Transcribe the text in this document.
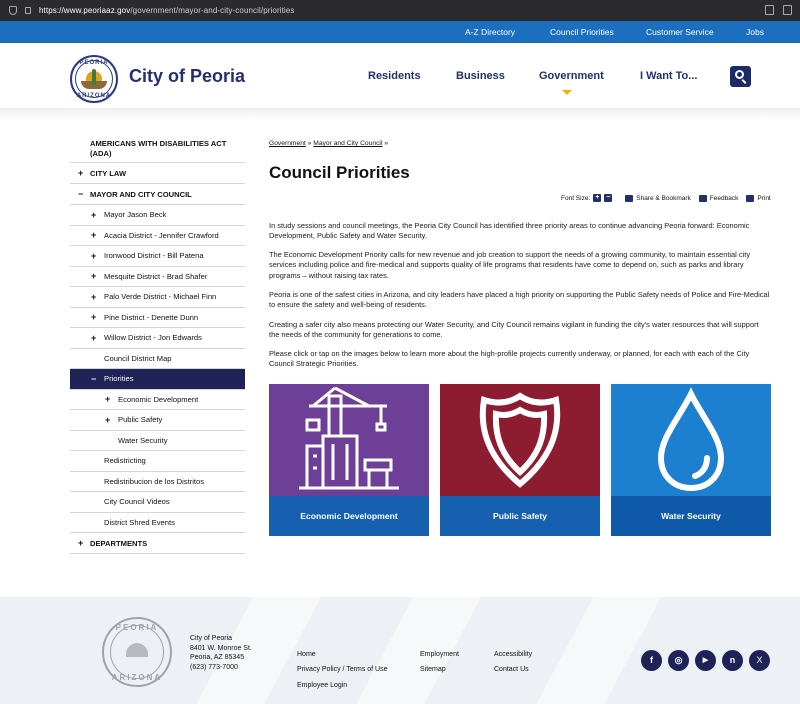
https://www.peoriaaz.gov/government/mayor-and-city-council/priorities
A-Z Directory	Council Priorities	Customer Service	Jobs
PEORIA
ARIZONA
City of Peoria	Residents	Business	Government	I Want To...
AMERICANS WITH DISABILITIES ACT (ADA)
+ CITY LAW
− MAYOR AND CITY COUNCIL
+ Mayor Jason Beck
+ Acacia District - Jennifer Crawford
+ Ironwood District - Bill Patena
+ Mesquite District - Brad Shafer
+ Palo Verde District - Michael Finn
+ Pine District - Denette Dunn
+ Willow District - Jon Edwards
Council District Map
− Priorities
+ Economic Development
+ Public Safety
Water Security
Redistricting
Redistribucion de los Distritos
City Council Videos
District Shred Events
+ DEPARTMENTS
Government » Mayor and City Council »
Council Priorities
Font Size: + −	Share & Bookmark	Feedback	Print

In study sessions and council meetings, the Peoria City Council has identified three priority areas to continue advancing Peoria forward: Economic Development, Public Safety and Water Security.

The Economic Development Priority calls for new revenue and job creation to support the needs of a growing community, to maintain essential city services including police and fire-medical and supports quality of life programs that residents have come to depend on, such as parks and library programs – without raising tax rates.

Peoria is one of the safest cities in Arizona, and city leaders have placed a high priority on supporting the Public Safety needs of Police and Fire-Medical to ensure the safety and well-being of residents.

Creating a safer city also means protecting our Water Security, and City Council remains vigilant in funding the city's water resources that will support the needs of the community for generations to come.

Please click or tap on the images below to learn more about the high-profile projects currently underway, or planned, for each with each of the City Council Strategic Priorities.

Economic Development	Public Safety	Water Security
PEORIA
ARIZONA
City of Peoria
8401 W. Monroe St.
Peoria, AZ 85345
(623) 773-7000
Home
Privacy Policy / Terms of Use
Employee Login
Employment
Sitemap
Accessibility
Contact Us
f	◎	▶	n	X
